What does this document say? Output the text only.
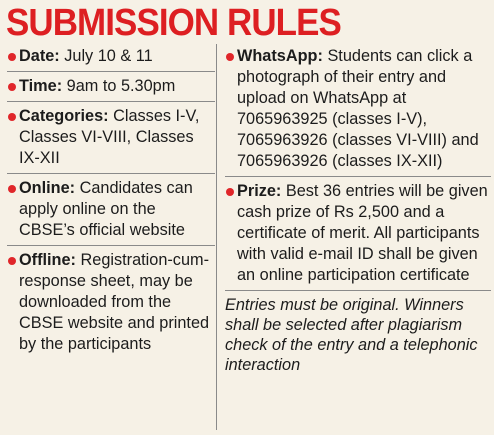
SUBMISSION RULES
Date: July 10 & 11
Time: 9am to 5.30pm
Categories: Classes I-V, Classes VI-VIII, Classes IX-XII
Online: Candidates can apply online on the CBSE’s official website
Offline: Registration-cum-response sheet, may be downloaded from the CBSE website and printed by the participants
WhatsApp: Students can click a photograph of their entry and upload on WhatsApp at 7065963925 (classes I-V), 7065963926 (classes VI-VIII) and 7065963926 (classes IX-XII)
Prize: Best 36 entries will be given cash prize of Rs 2,500 and a certificate of merit. All participants with valid e-mail ID shall be given an online participation certificate
Entries must be original. Winners shall be selected after plagiarism check of the entry and a telephonic interaction
